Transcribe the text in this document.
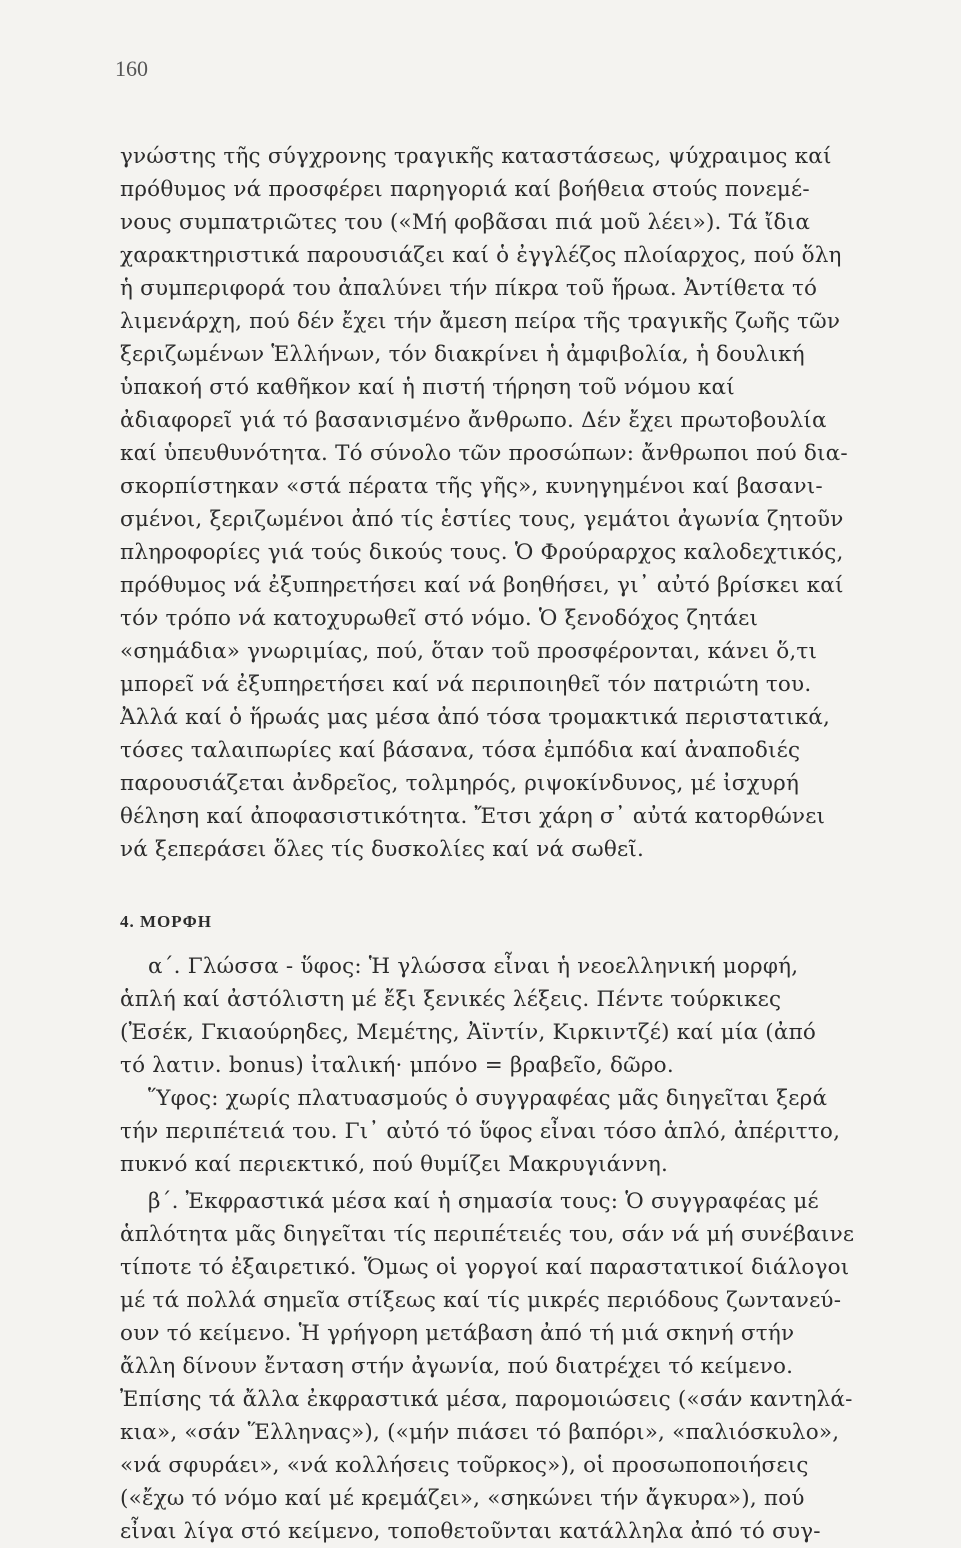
160
γνώστης τῆς σύγχρονης τραγικῆς καταστάσεως, ψύχραιμος καί
πρόθυμος νά προσφέρει παρηγοριά καί βοήθεια στούς πονεμέ-
νους συμπατριῶτες του («Μή φοβᾶσαι πιά μοῦ λέει»). Τά ἴδια
χαρακτηριστικά παρουσιάζει καί ὁ ἐγγλέζος πλοίαρχος, πού ὅλη
ἡ συμπεριφορά του ἀπαλύνει τήν πίκρα τοῦ ἥρωα. Ἀντίθετα τό
λιμενάρχη, πού δέν ἔχει τήν ἄμεση πείρα τῆς τραγικῆς ζωῆς τῶν
ξεριζωμένων Ἑλλήνων, τόν διακρίνει ἡ ἀμφιβολία, ἡ δουλική
ὑπακοή στό καθῆκον καί ἡ πιστή τήρηση τοῦ νόμου καί
ἀδιαφορεῖ γιά τό βασανισμένο ἄνθρωπο. Δέν ἔχει πρωτοβουλία
καί ὑπευθυνότητα. Τό σύνολο τῶν προσώπων: ἄνθρωποι πού δια-
σκορπίστηκαν «στά πέρατα τῆς γῆς», κυνηγημένοι καί βασανι-
σμένοι, ξεριζωμένοι ἀπό τίς ἑστίες τους, γεμάτοι ἀγωνία ζητοῦν
πληροφορίες γιά τούς δικούς τους. Ὁ Φρούραρχος καλοδεχτικός,
πρόθυμος νά ἐξυπηρετήσει καί νά βοηθήσει, γι᾽ αὐτό βρίσκει καί
τόν τρόπο νά κατοχυρωθεῖ στό νόμο. Ὁ ξενοδόχος ζητάει
«σημάδια» γνωριμίας, πού, ὅταν τοῦ προσφέρονται, κάνει ὅ,τι
μπορεῖ νά ἐξυπηρετήσει καί νά περιποιηθεῖ τόν πατριώτη του.
Ἀλλά καί ὁ ἥρωάς μας μέσα ἀπό τόσα τρομακτικά περιστατικά,
τόσες ταλαιπωρίες καί βάσανα, τόσα ἐμπόδια καί ἀναποδιές
παρουσιάζεται ἀνδρεῖος, τολμηρός, ριψοκίνδυνος, μέ ἰσχυρή
θέληση καί ἀποφασιστικότητα. Ἔτσι χάρη σ᾽ αὐτά κατορθώνει
νά ξεπεράσει ὅλες τίς δυσκολίες καί νά σωθεῖ.
4. ΜΟΡΦΗ
α΄. Γλώσσα - ὕφος: Ἡ γλώσσα εἶναι ἡ νεοελληνική μορφή,
ἁπλή καί ἀστόλιστη μέ ἔξι ξενικές λέξεις. Πέντε τούρκικες
(Ἐσέκ, Γκιαούρηδες, Μεμέτης, Ἀϊντίν, Κιρκιντζέ) καί μία (ἀπό
τό λατιν. bonus) ἰταλική· μπόνο = βραβεῖο, δῶρο.
Ὕφος: χωρίς πλατυασμούς ὁ συγγραφέας μᾶς διηγεῖται ξερά
τήν περιπέτειά του. Γι᾽ αὐτό τό ὕφος εἶναι τόσο ἁπλό, ἀπέριττο,
πυκνό καί περιεκτικό, πού θυμίζει Μακρυγιάννη.
β΄. Ἐκφραστικά μέσα καί ἡ σημασία τους: Ὁ συγγραφέας μέ
ἁπλότητα μᾶς διηγεῖται τίς περιπέτειές του, σάν νά μή συνέβαινε
τίποτε τό ἐξαιρετικό. Ὅμως οἱ γοργοί καί παραστατικοί διάλογοι
μέ τά πολλά σημεῖα στίξεως καί τίς μικρές περιόδους ζωντανεύ-
ουν τό κείμενο. Ἡ γρήγορη μετάβαση ἀπό τή μιά σκηνή στήν
ἄλλη δίνουν ἔνταση στήν ἀγωνία, πού διατρέχει τό κείμενο.
Ἐπίσης τά ἄλλα ἐκφραστικά μέσα, παρομοιώσεις («σάν καντηλά-
κια», «σάν Ἕλληνας»), («μήν πιάσει τό βαπόρι», «παλιόσκυλο»,
«νά σφυράει», «νά κολλήσεις τοῦρκος»), οἱ προσωποποιήσεις
(«ἔχω τό νόμο καί μέ κρεμάζει», «σηκώνει τήν ἄγκυρα»), πού
εἶναι λίγα στό κείμενο, τοποθετοῦνται κατάλληλα ἀπό τό συγ-
